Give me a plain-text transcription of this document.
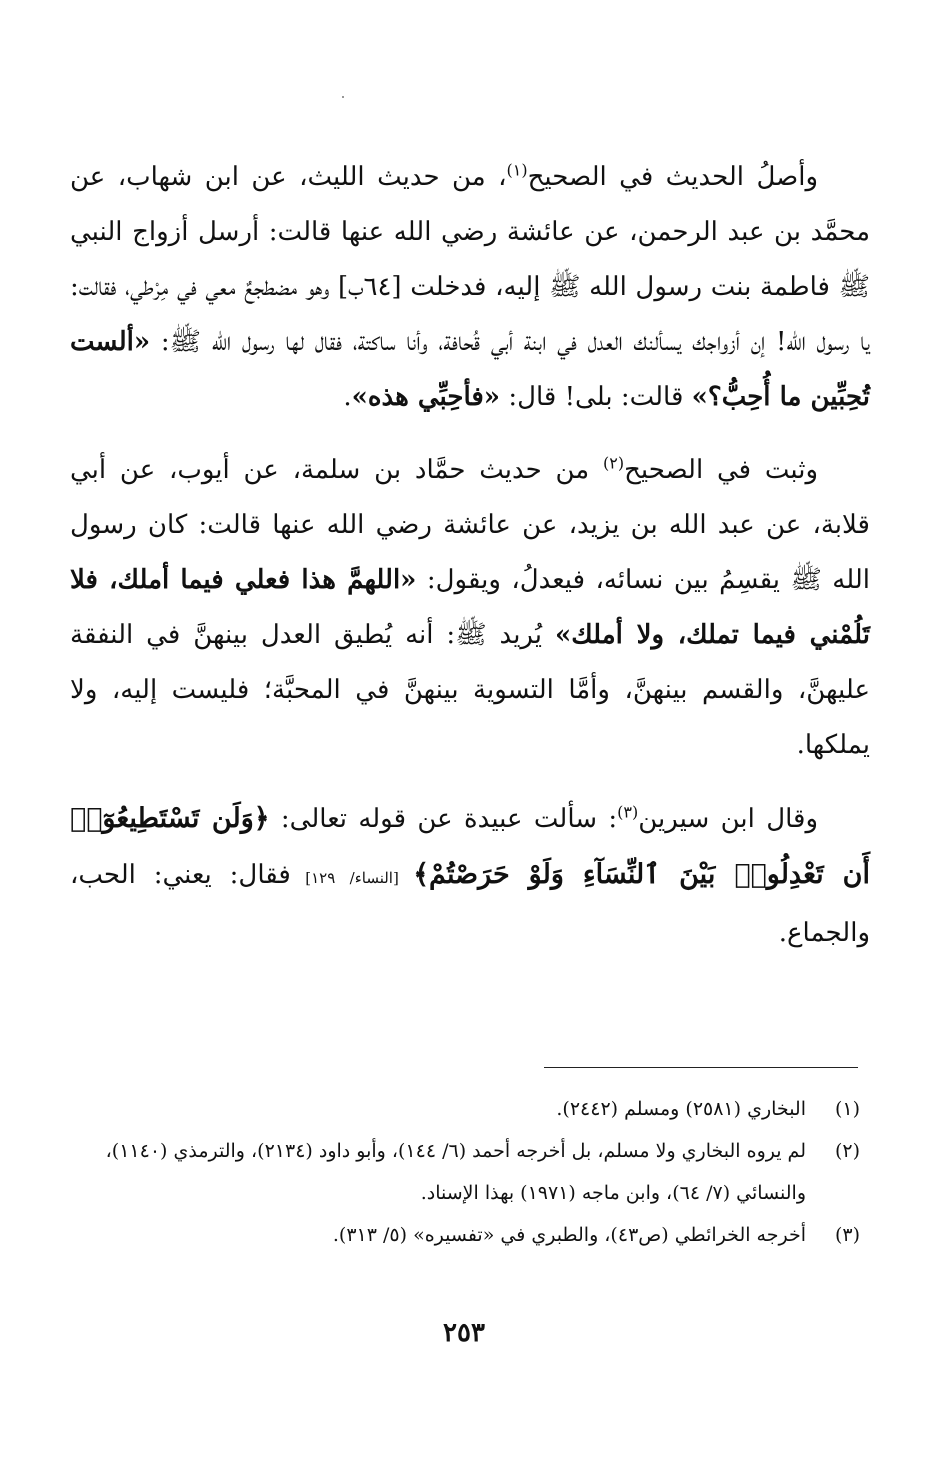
وأصلُ الحديث في الصحيح$^{(١)}$، من حديث الليث، عن ابن شهاب، عن محمَّد بن عبد الرحمن، عن عائشة رضي الله عنها قالت: أرسل أزواج النبي ﷺ فاطمة بنت رسول الله ﷺ إليه، فدخلت [٦٤ب] وهو مضطجعٌ معي في مِرْطي، فقالت: يا رسول الله! إن أزواجك يسألنك العدل في ابنة أبي قُحافة، وأنا ساكتة، فقال لها رسول الله ﷺ: «ألست تُحِبِّين ما أُحِبُّ؟» قالت: بلى! قال: «فأحِبِّي هذه».

وثبت في الصحيح$^{(٢)}$ من حديث حمَّاد بن سلمة، عن أيوب، عن أبي قلابة، عن عبد الله بن يزيد، عن عائشة رضي الله عنها قالت: كان رسول الله ﷺ يقسِمُ بين نسائه، فيعدلُ، ويقول: «اللهمَّ هذا فعلي فيما أملك، فلا تَلُمْني فيما تملك، ولا أملك» يُريد ﷺ: أنه يُطيق العدل بينهنَّ في النفقة عليهنَّ، والقسم بينهنَّ، وأمَّا التسوية بينهنَّ في المحبَّة؛ فليست إليه، ولا يملكها.

وقال ابن سيرين$^{(٣)}$: سألت عبيدة عن قوله تعالى: ﴿وَلَن تَسْتَطِيعُوٓا۟ أَن تَعْدِلُوا۟ بَيْنَ ٱلنِّسَآءِ وَلَوْ حَرَصْتُمْ﴾ [النساء/ ١٢٩] فقال: يعني: الحب، والجماع.

(١)
البخاري (٢٥٨١) ومسلم (٢٤٤٢).

(٢)
لم يروه البخاري ولا مسلم، بل أخرجه أحمد (٦/ ١٤٤)، وأبو داود (٢١٣٤)، والترمذي (١١٤٠)، والنسائي (٧/ ٦٤)، وابن ماجه (١٩٧١) بهذا الإسناد.

(٣)
أخرجه الخرائطي (ص٤٣)، والطبري في «تفسيره» (٥/ ٣١٣).

٢٥٣
